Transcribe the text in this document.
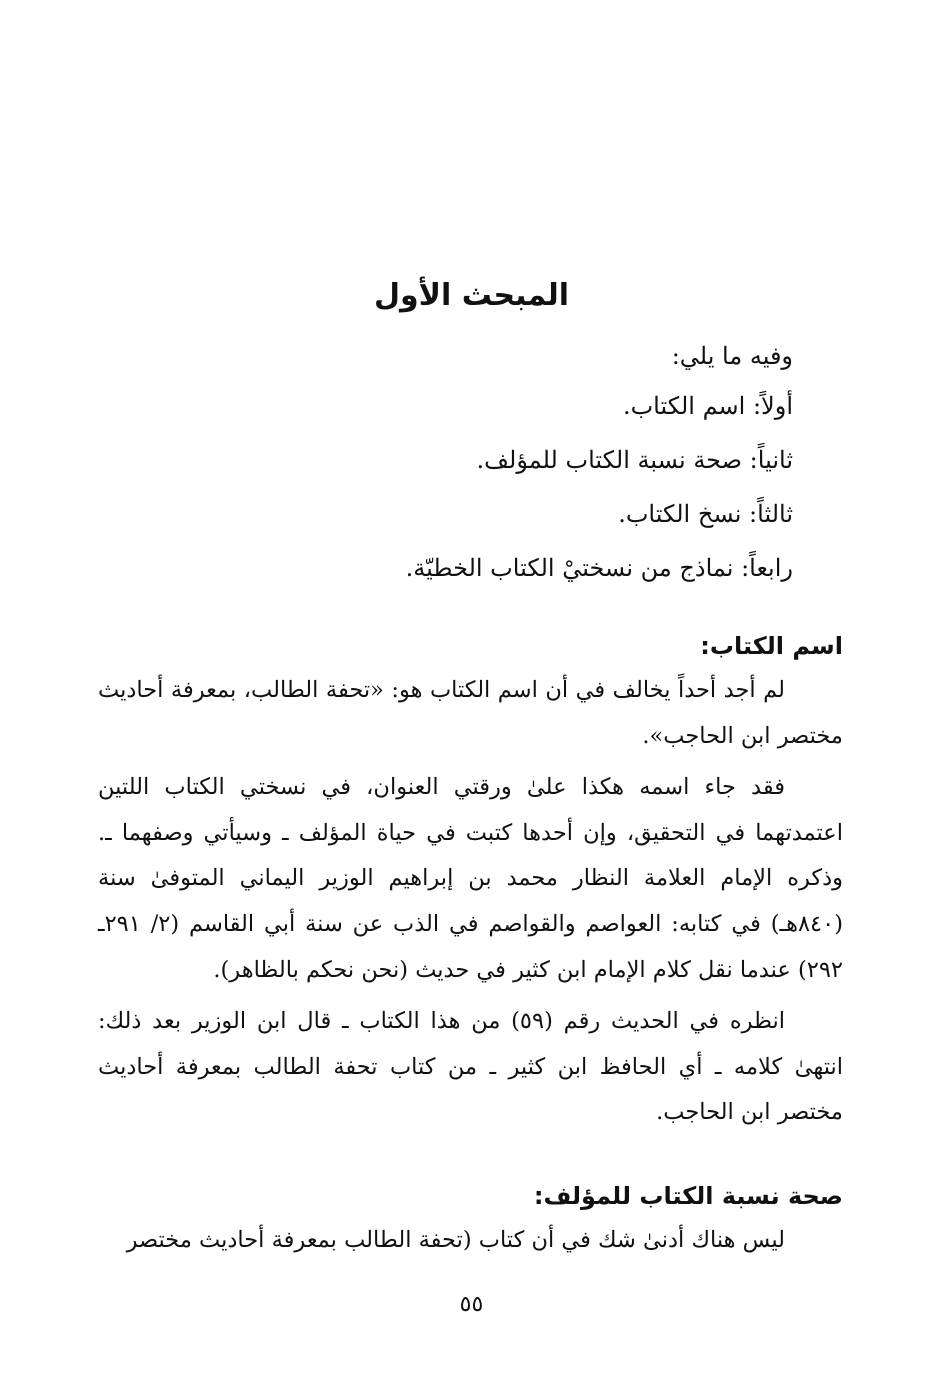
المبحث الأول
وفيه ما يلي:
أولاً: اسم الكتاب.
ثانياً: صحة نسبة الكتاب للمؤلف.
ثالثاً: نسخ الكتاب.
رابعاً: نماذج من نسختيْ الكتاب الخطيّة.
اسم الكتاب:

لم أجد أحداً يخالف في أن اسم الكتاب هو: «تحفة الطالب، بمعرفة أحاديث مختصر ابن الحاجب».

فقد جاء اسمه هكذا علىٰ ورقتي العنوان، في نسختي الكتاب اللتين اعتمدتهما في التحقيق، وإن أحدها كتبت في حياة المؤلف ـ وسيأتي وصفهما ـ. وذكره الإمام العلامة النظار محمد بن إبراهيم الوزير اليماني المتوفىٰ سنة (٨٤٠هـ) في كتابه: العواصم والقواصم في الذب عن سنة أبي القاسم (٢/ ٢٩١ـ ٢٩٢) عندما نقل كلام الإمام ابن كثير في حديث (نحن نحكم بالظاهر).

انظره في الحديث رقم (٥٩) من هذا الكتاب ـ قال ابن الوزير بعد ذلك: انتهىٰ كلامه ـ أي الحافظ ابن كثير ـ من كتاب تحفة الطالب بمعرفة أحاديث مختصر ابن الحاجب.

صحة نسبة الكتاب للمؤلف:

ليس هناك أدنىٰ شك في أن كتاب (تحفة الطالب بمعرفة أحاديث مختصر

٥٥
